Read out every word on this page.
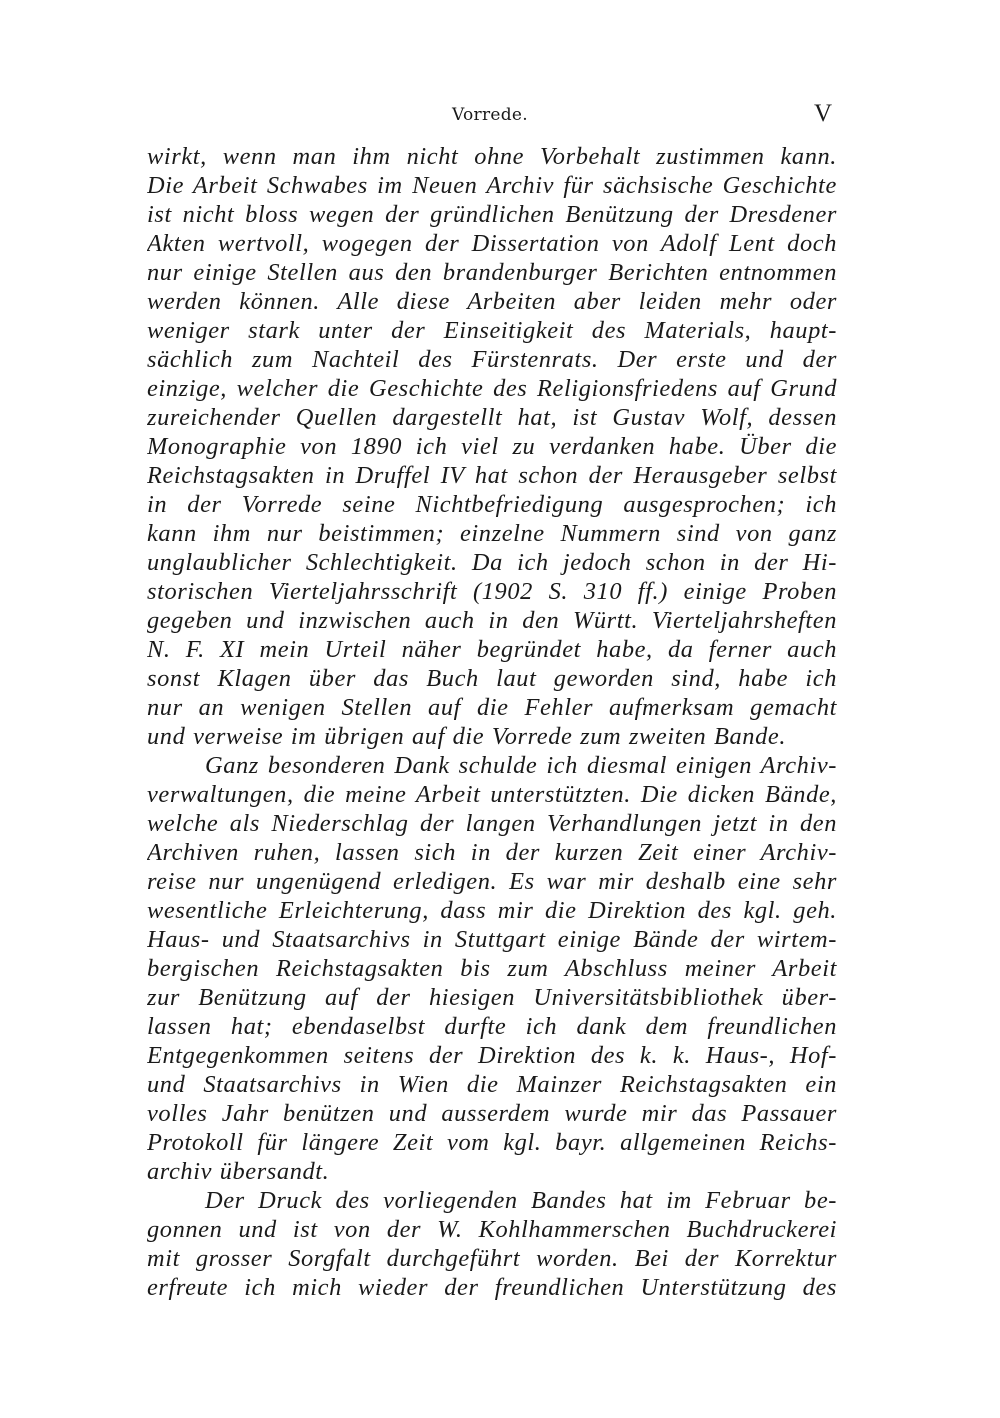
Vorrede.	V
wirkt, wenn man ihm nicht ohne Vorbehalt zustimmen kann.
Die Arbeit Schwabes im Neuen Archiv für sächsische Geschichte
ist nicht bloss wegen der gründlichen Benützung der Dresdener
Akten wertvoll, wogegen der Dissertation von Adolf Lent doch
nur einige Stellen aus den brandenburger Berichten entnommen
werden können. Alle diese Arbeiten aber leiden mehr oder
weniger stark unter der Einseitigkeit des Materials, haupt-
sächlich zum Nachteil des Fürstenrats. Der erste und der
einzige, welcher die Geschichte des Religionsfriedens auf Grund
zureichender Quellen dargestellt hat, ist Gustav Wolf, dessen
Monographie von 1890 ich viel zu verdanken habe. Über die
Reichstagsakten in Druffel IV hat schon der Herausgeber selbst
in der Vorrede seine Nichtbefriedigung ausgesprochen; ich
kann ihm nur beistimmen; einzelne Nummern sind von ganz
unglaublicher Schlechtigkeit. Da ich jedoch schon in der Hi-
storischen Vierteljahrsschrift (1902 S. 310 ff.) einige Proben
gegeben und inzwischen auch in den Württ. Vierteljahrsheften
N. F. XI mein Urteil näher begründet habe, da ferner auch
sonst Klagen über das Buch laut geworden sind, habe ich
nur an wenigen Stellen auf die Fehler aufmerksam gemacht
und verweise im übrigen auf die Vorrede zum zweiten Bande.
Ganz besonderen Dank schulde ich diesmal einigen Archiv-
verwaltungen, die meine Arbeit unterstützten. Die dicken Bände,
welche als Niederschlag der langen Verhandlungen jetzt in den
Archiven ruhen, lassen sich in der kurzen Zeit einer Archiv-
reise nur ungenügend erledigen. Es war mir deshalb eine sehr
wesentliche Erleichterung, dass mir die Direktion des kgl. geh.
Haus- und Staatsarchivs in Stuttgart einige Bände der wirtem-
bergischen Reichstagsakten bis zum Abschluss meiner Arbeit
zur Benützung auf der hiesigen Universitätsbibliothek über-
lassen hat; ebendaselbst durfte ich dank dem freundlichen
Entgegenkommen seitens der Direktion des k. k. Haus-, Hof-
und Staatsarchivs in Wien die Mainzer Reichstagsakten ein
volles Jahr benützen und ausserdem wurde mir das Passauer
Protokoll für längere Zeit vom kgl. bayr. allgemeinen Reichs-
archiv übersandt.
Der Druck des vorliegenden Bandes hat im Februar be-
gonnen und ist von der W. Kohlhammerschen Buchdruckerei
mit grosser Sorgfalt durchgeführt worden. Bei der Korrektur
erfreute ich mich wieder der freundlichen Unterstützung des
